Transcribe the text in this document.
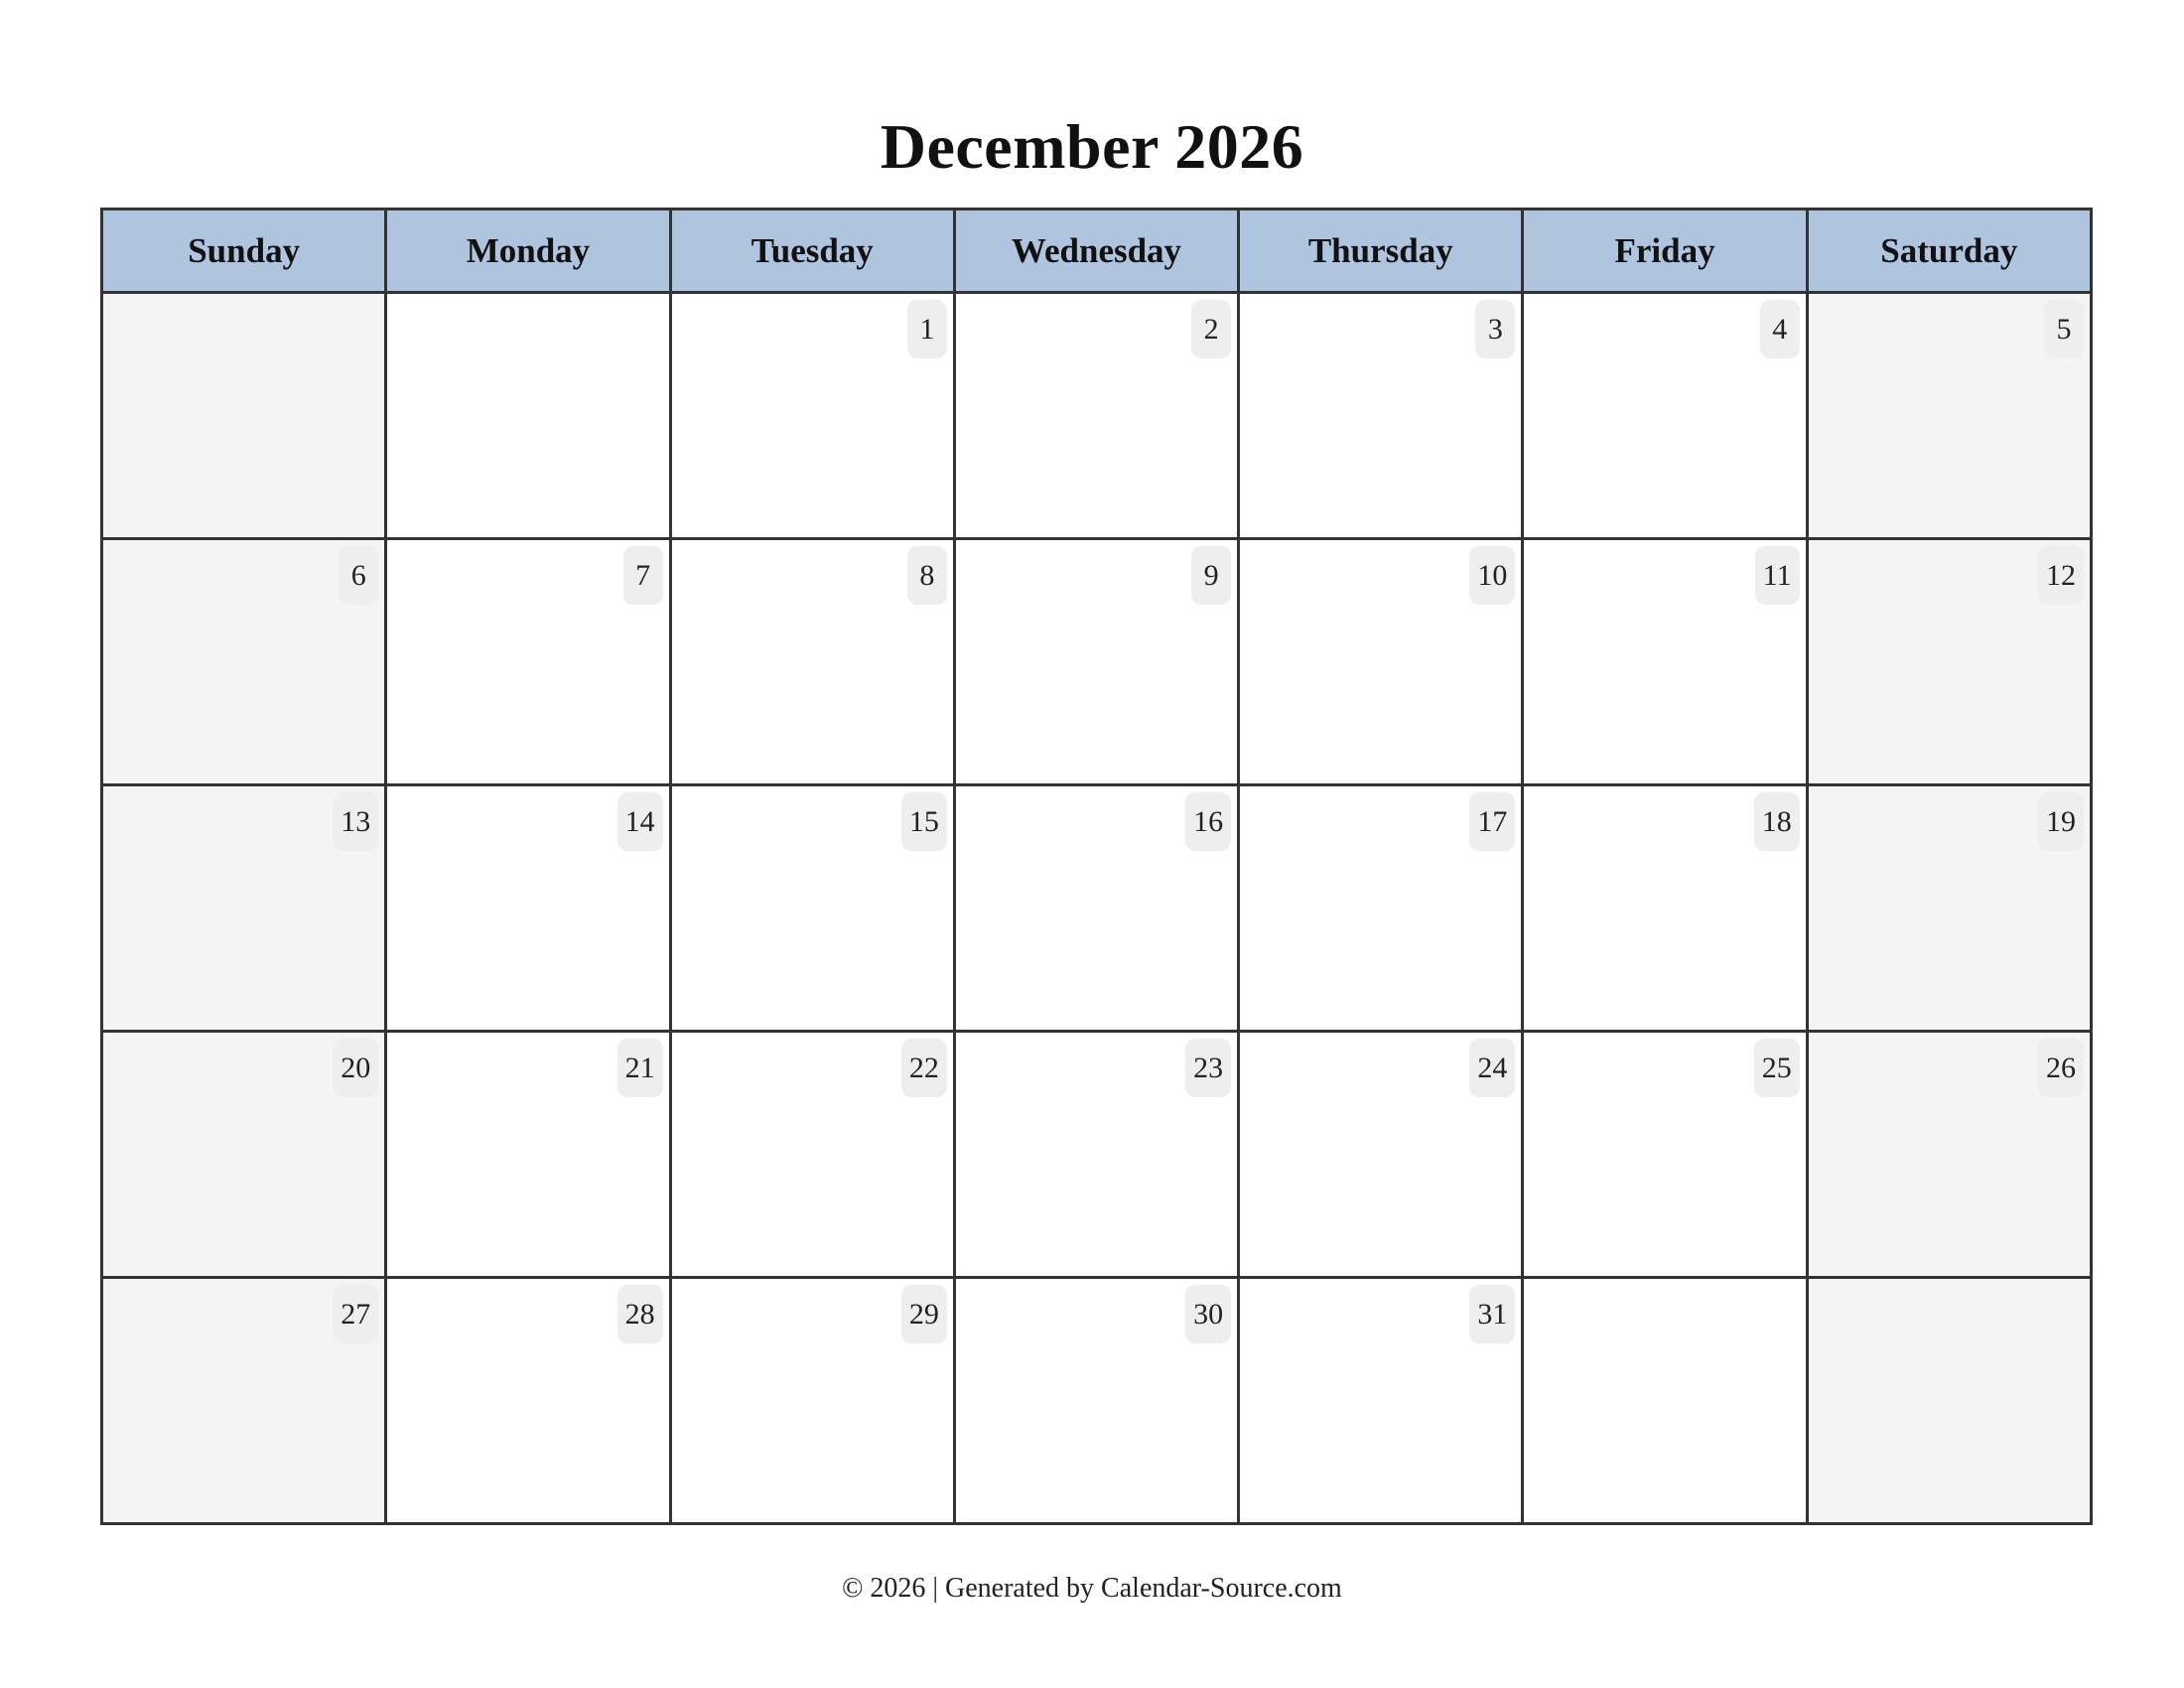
December 2026
Sunday	Monday	Tuesday	Wednesday	Thursday	Friday	Saturday

		1	2	3	4	5

6	7	8	9	10	11	12

13	14	15	16	17	18	19

20	21	22	23	24	25	26

27	28	29	30	31		

© 2026 | Generated by Calendar-Source.com
